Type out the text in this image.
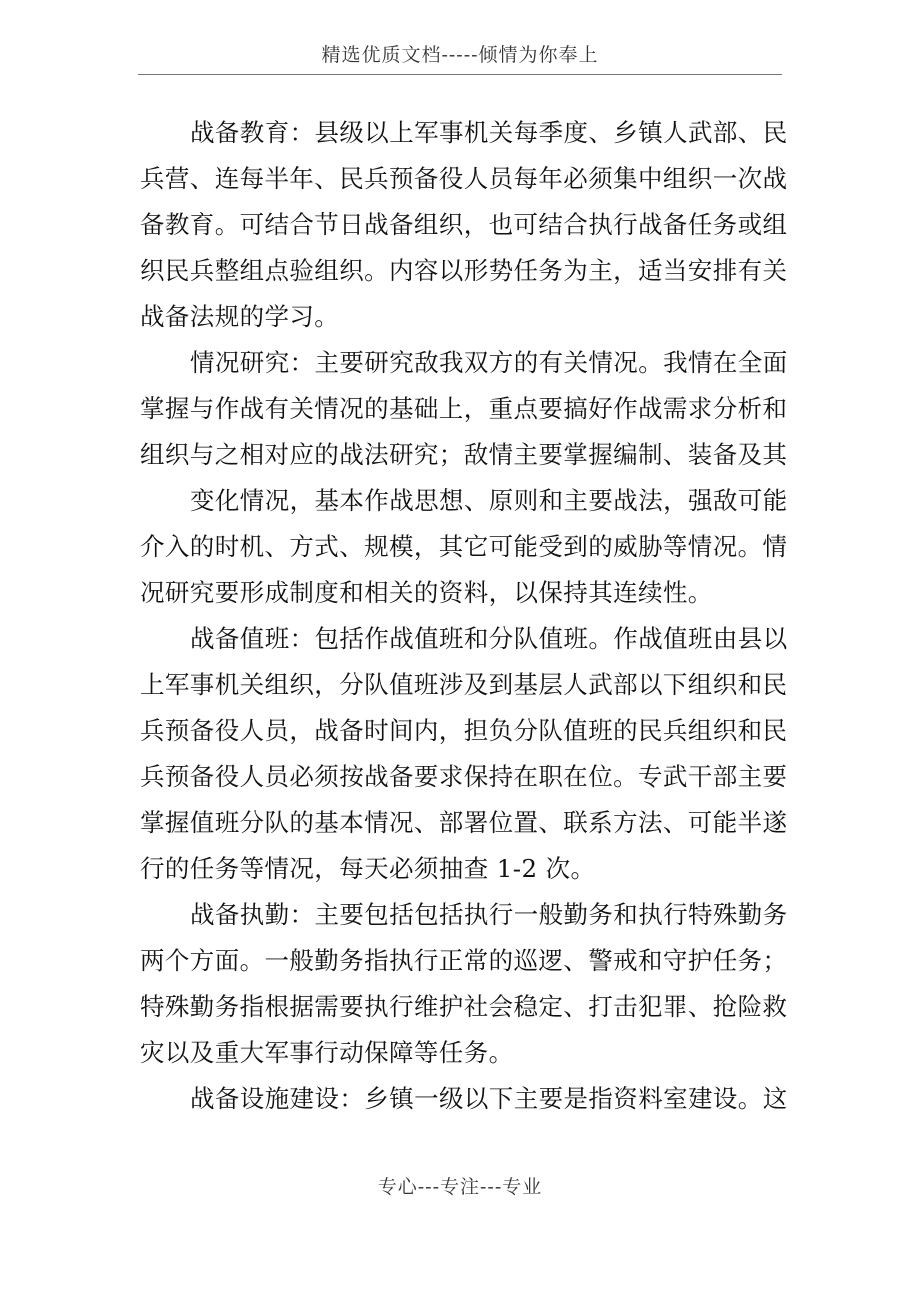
精选优质文档-----倾情为你奉上
战备教育：县级以上军事机关每季度、乡镇人武部、民
兵营、连每半年、民兵预备役人员每年必须集中组织一次战
备教育。可结合节日战备组织，也可结合执行战备任务或组
织民兵整组点验组织。内容以形势任务为主，适当安排有关
战备法规的学习。
情况研究：主要研究敌我双方的有关情况。我情在全面
掌握与作战有关情况的基础上，重点要搞好作战需求分析和
组织与之相对应的战法研究；敌情主要掌握编制、装备及其
变化情况，基本作战思想、原则和主要战法，强敌可能
介入的时机、方式、规模，其它可能受到的威胁等情况。情
况研究要形成制度和相关的资料，以保持其连续性。
战备值班：包括作战值班和分队值班。作战值班由县以
上军事机关组织，分队值班涉及到基层人武部以下组织和民
兵预备役人员，战备时间内，担负分队值班的民兵组织和民
兵预备役人员必须按战备要求保持在职在位。专武干部主要
掌握值班分队的基本情况、部署位置、联系方法、可能半遂
行的任务等情况，每天必须抽查 1-2 次。
战备执勤：主要包括包括执行一般勤务和执行特殊勤务
两个方面。一般勤务指执行正常的巡逻、警戒和守护任务；
特殊勤务指根据需要执行维护社会稳定、打击犯罪、抢险救
灾以及重大军事行动保障等任务。
战备设施建设：乡镇一级以下主要是指资料室建设。这
专心---专注---专业
